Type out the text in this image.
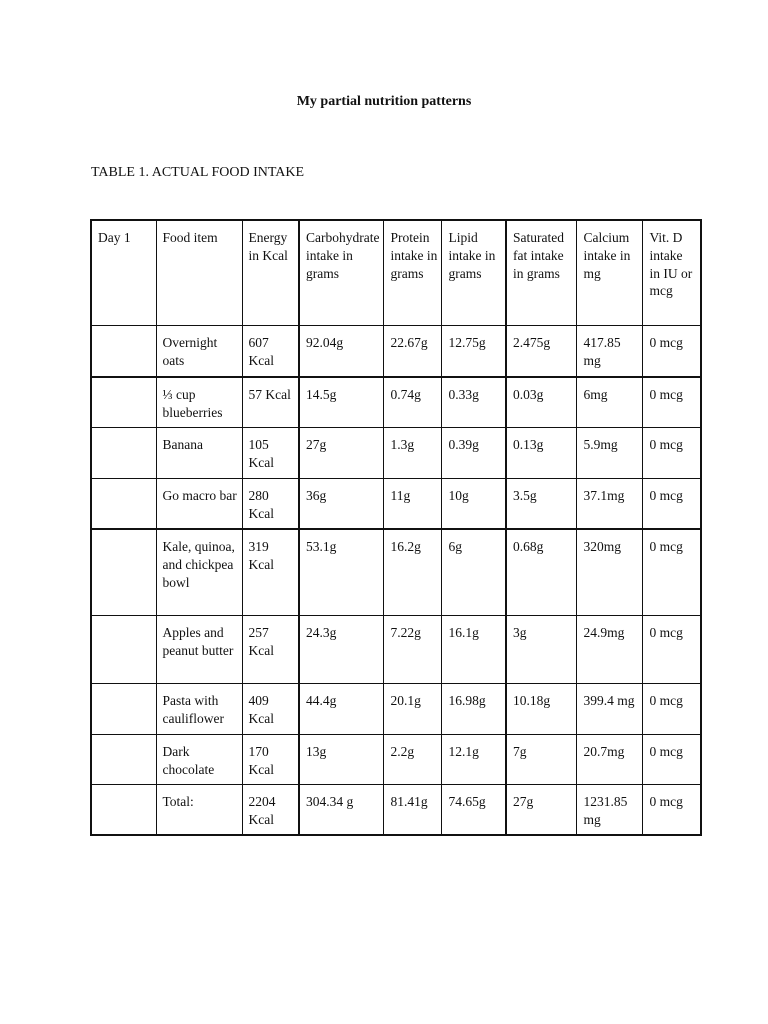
My partial nutrition patterns
TABLE 1. ACTUAL FOOD INTAKE
Day 1	Food item	Energy in Kcal	Carbohydrate intake in grams	Protein intake in grams	Lipid intake in grams	Saturated fat intake in grams	Calcium intake in mg	Vit. D intake in IU or mcg
	Overnight oats	607 Kcal	92.04g	22.67g	12.75g	2.475g	417.85 mg	0 mcg
	⅓ cup blueberries	57 Kcal	14.5g	0.74g	0.33g	0.03g	6mg	0 mcg
	Banana	105 Kcal	27g	1.3g	0.39g	0.13g	5.9mg	0 mcg
	Go macro bar	280 Kcal	36g	11g	10g	3.5g	37.1mg	0 mcg
	Kale, quinoa, and chickpea bowl	319 Kcal	53.1g	16.2g	6g	0.68g	320mg	0 mcg
	Apples and peanut butter	257 Kcal	24.3g	7.22g	16.1g	3g	24.9mg	0 mcg
	Pasta with cauliflower	409 Kcal	44.4g	20.1g	16.98g	10.18g	399.4 mg	0 mcg
	Dark chocolate	170 Kcal	13g	2.2g	12.1g	7g	20.7mg	0 mcg
	Total:	2204 Kcal	304.34 g	81.41g	74.65g	27g	1231.85 mg	0 mcg
